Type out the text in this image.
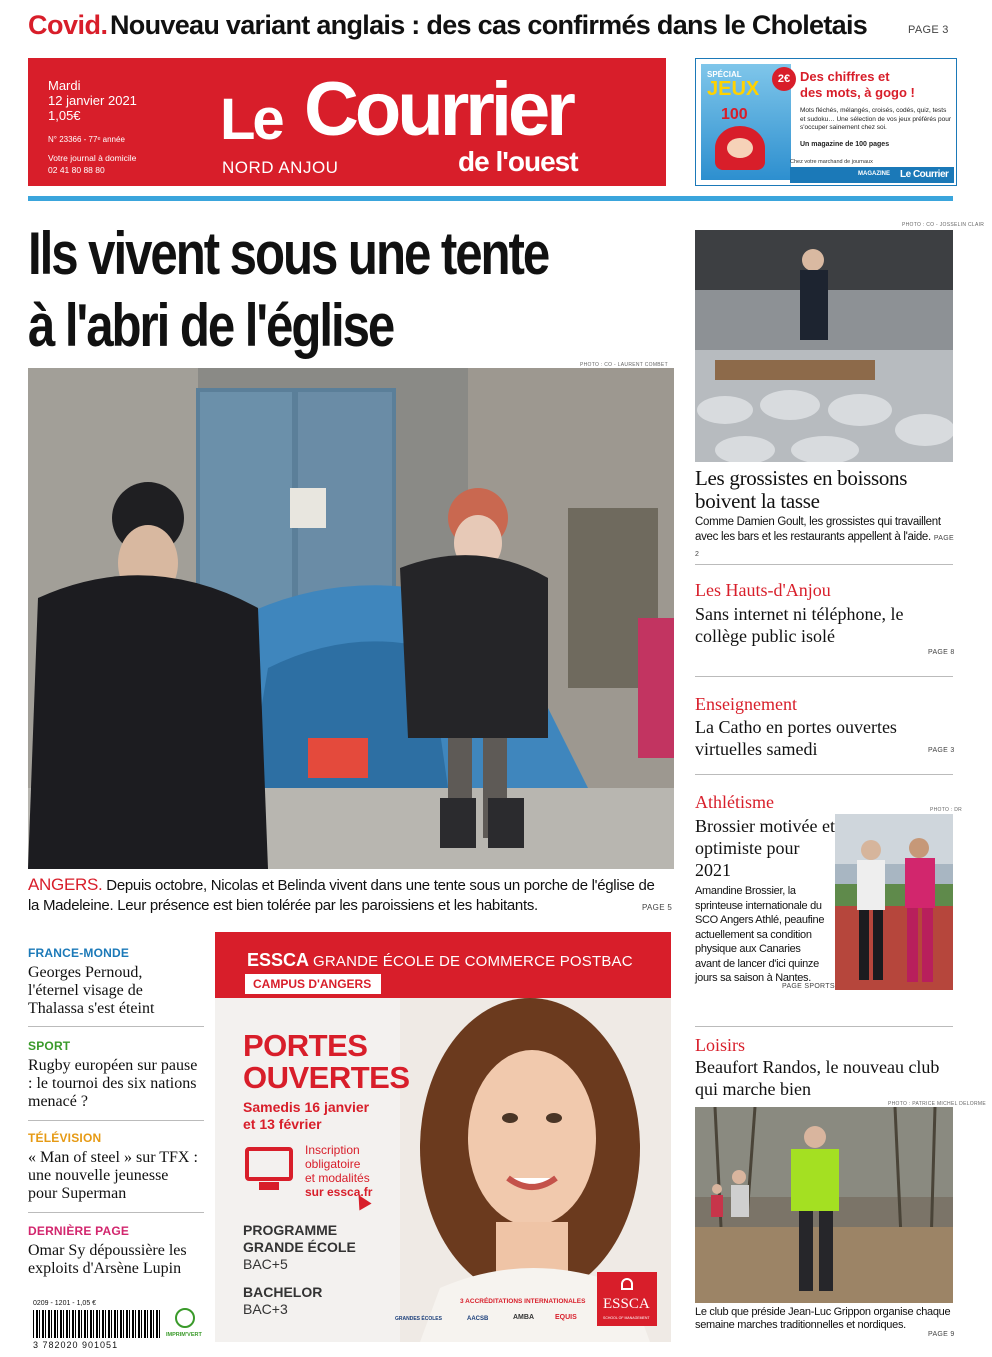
Covid. Nouveau variant anglais : des cas confirmés dans le Choletais	PAGE 3
Mardi
12 janvier 2021
1,05€
N° 23366 - 77ᵉ année
Votre journal à domicile
02 41 80 88 80
Le Courrier
de l'ouest
NORD ANJOU
SPÉCIAL
JEUX
100
2€ Des chiffres et
des mots, à gogo !
Mots fléchés, mélangés, croisés, codés, quiz, tests et sudoku… Une sélection de vos jeux préférés pour s'occuper sainement chez soi.
Un magazine de 100 pages
Chez votre marchand de journaux
MAGAZINE Le Courrier
Ils vivent sous une tente
à l'abri de l'église
PHOTO : CO - LAURENT COMBET
ANGERS. Depuis octobre, Nicolas et Belinda vivent dans une tente sous un porche de l'église de la Madeleine. Leur présence est bien tolérée par les paroissiens et les habitants.	PAGE 5
PHOTO : CO - JOSSELIN CLAIR
Les grossistes en boissons boivent la tasse
Comme Damien Goult, les grossistes qui travaillent avec les bars et les restaurants appellent à l'aide. PAGE 2
Les Hauts-d'Anjou
Sans internet ni téléphone, le collège public isolé
PAGE 8
Enseignement
La Catho en portes ouvertes virtuelles samedi	PAGE 3
Athlétisme
Brossier motivée et optimiste pour 2021
Amandine Brossier, la sprinteuse internationale du SCO Angers Athlé, peaufine actuellement sa condition physique aux Canaries avant de lancer d'ici quinze jours sa saison à Nantes.
PAGE SPORTS
PHOTO : DR
Loisirs
Beaufort Randos, le nouveau club qui marche bien
PHOTO : PATRICE MICHEL DELORME
Le club que préside Jean-Luc Grippon organise chaque semaine marches traditionnelles et nordiques.
PAGE 9
FRANCE-MONDE
Georges Pernoud, l'éternel visage de Thalassa s'est éteint
SPORT
Rugby européen sur pause : le tournoi des six nations menacé ?
TÉLÉVISION
« Man of steel » sur TFX : une nouvelle jeunesse pour Superman
DERNIÈRE PAGE
Omar Sy dépoussière les exploits d'Arsène Lupin
0209 - 1201 - 1,05 €
3 782020 901051
IMPRIM'VERT
ESSCA GRANDE ÉCOLE DE COMMERCE POSTBAC
CAMPUS D'ANGERS
PORTES
OUVERTES
Samedis 16 janvier
et 13 février
Inscription
obligatoire
et modalités
sur essca.fr
PROGRAMME
GRANDE ÉCOLE
BAC+5
BACHELOR
BAC+3	3 ACCRÉDITATIONS INTERNATIONALES
GRANDES ÉCOLES	AACSB	AMBA	EQUIS
ESSCA
SCHOOL OF MANAGEMENT
